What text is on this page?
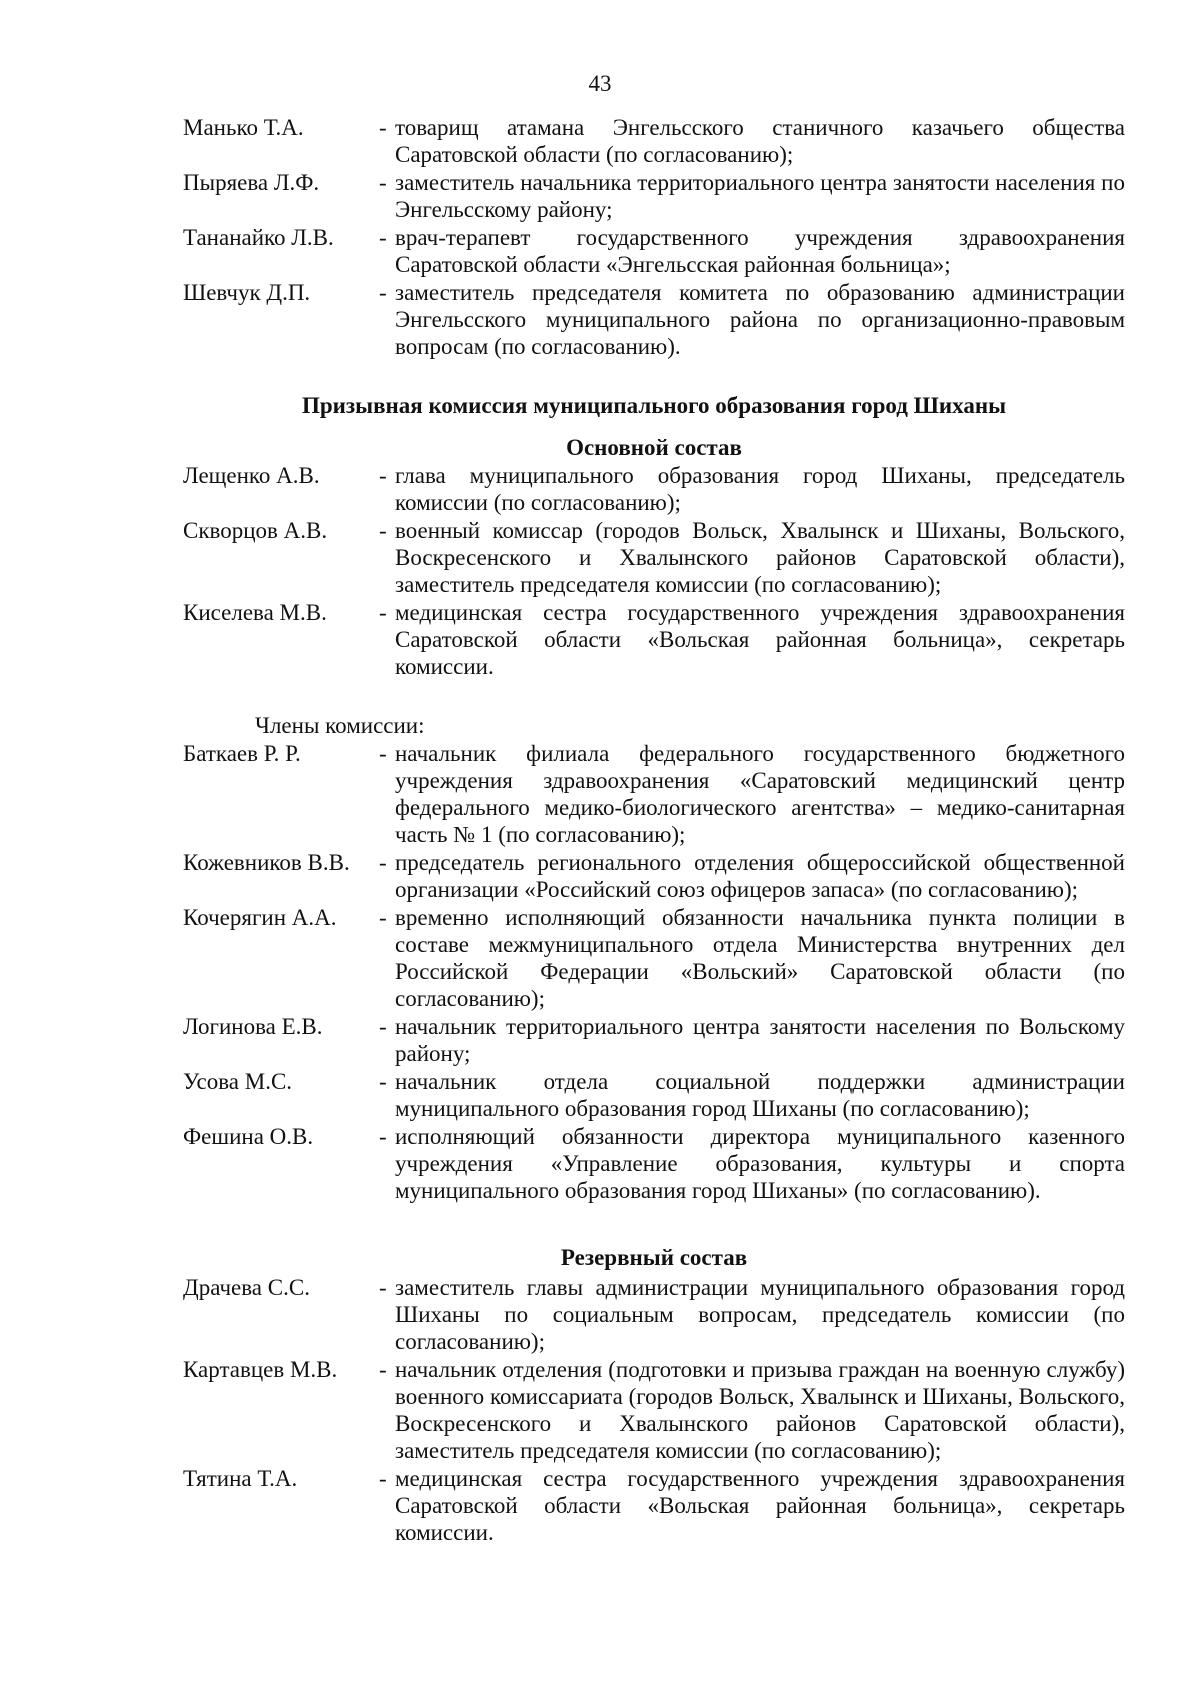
43
Манько Т.А.	- товарищ атамана Энгельсского станичного казачьего общества Саратовской области (по согласованию);
Пыряева Л.Ф.	- заместитель начальника территориального центра занятости населения по Энгельсскому району;
Тананайко Л.В.	- врач-терапевт государственного учреждения здравоохранения Саратовской области «Энгельсская районная больница»;
Шевчук Д.П.	- заместитель председателя комитета по образованию администрации Энгельсского муниципального района по организационно-правовым вопросам (по согласованию).
Призывная комиссия муниципального образования город Шиханы
Основной состав
Лещенко А.В.	- глава муниципального образования город Шиханы, председатель комиссии (по согласованию);
Скворцов А.В.	- военный комиссар (городов Вольск, Хвалынск и Шиханы, Вольского, Воскресенского и Хвалынского районов Саратовской области), заместитель председателя комиссии (по согласованию);
Киселева М.В.	- медицинская сестра государственного учреждения здравоохранения Саратовской области «Вольская районная больница», секретарь комиссии.
Члены комиссии:
Баткаев Р. Р.	- начальник филиала федерального государственного бюджетного учреждения здравоохранения «Саратовский медицинский центр федерального медико-биологического агентства» – медико-санитарная часть № 1 (по согласованию);
Кожевников В.В.	- председатель регионального отделения общероссийской общественной организации «Российский союз офицеров запаса» (по согласованию);
Кочерягин А.А.	- временно исполняющий обязанности начальника пункта полиции в составе межмуниципального отдела Министерства внутренних дел Российской Федерации «Вольский» Саратовской области (по согласованию);
Логинова Е.В.	- начальник территориального центра занятости населения по Вольскому району;
Усова М.С.	- начальник отдела социальной поддержки администрации муниципального образования город Шиханы (по согласованию);
Фешина О.В.	- исполняющий обязанности директора муниципального казенного учреждения «Управление образования, культуры и спорта муниципального образования город Шиханы» (по согласованию).
Резервный состав
Драчева С.С.	- заместитель главы администрации муниципального образования город Шиханы по социальным вопросам, председатель комиссии (по согласованию);
Картавцев М.В.	- начальник отделения (подготовки и призыва граждан на военную службу) военного комиссариата (городов Вольск, Хвалынск и Шиханы, Вольского, Воскресенского и Хвалынского районов Саратовской области), заместитель председателя комиссии (по согласованию);
Тятина Т.А.	- медицинская сестра государственного учреждения здравоохранения Саратовской области «Вольская районная больница», секретарь комиссии.
